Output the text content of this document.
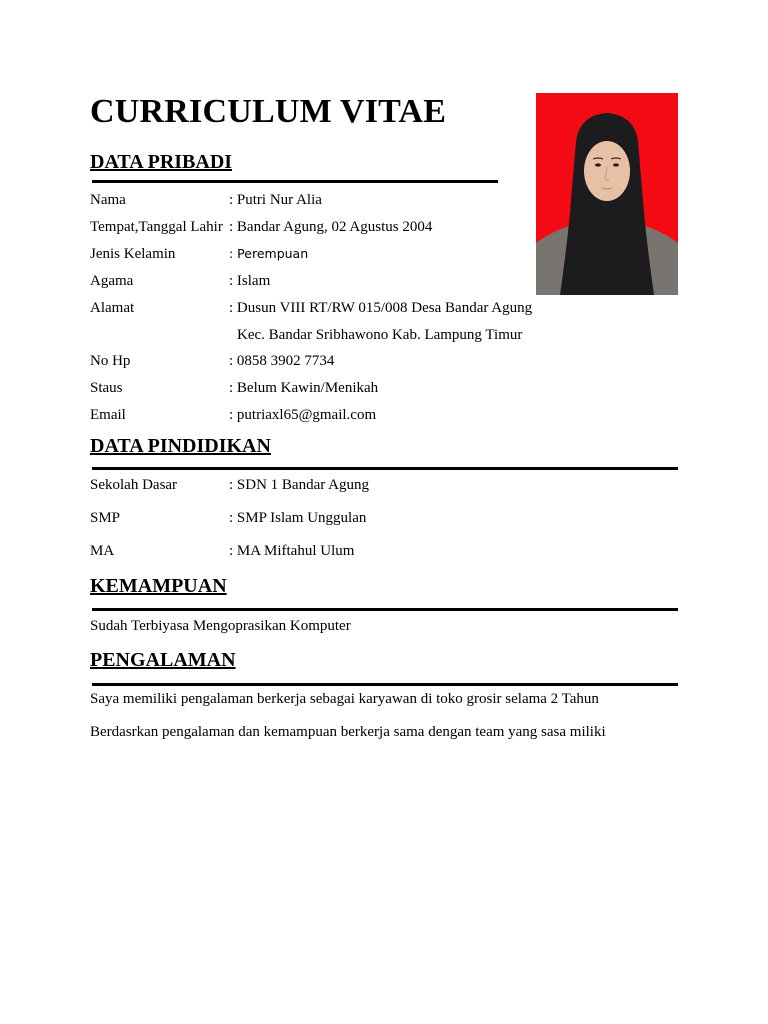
CURRICULUM VITAE
DATA PRIBADI
Nama	: Putri Nur Alia
Tempat,Tanggal Lahir : Bandar Agung, 02 Agustus 2004
Jenis Kelamin	: Perempuan
Agama	: Islam
Alamat	: Dusun VIII RT/RW 015/008 Desa Bandar Agung
Kec. Bandar Sribhawono Kab. Lampung Timur
No Hp	: 0858 3902 7734
Staus	: Belum Kawin/Menikah
Email	: putriaxl65@gmail.com
DATA PINDIDIKAN
Sekolah Dasar	: SDN 1 Bandar Agung
SMP	: SMP Islam Unggulan
MA	: MA Miftahul Ulum
KEMAMPUAN
Sudah Terbiyasa Mengoprasikan Komputer
PENGALAMAN
Saya memiliki pengalaman berkerja sebagai karyawan di toko grosir selama 2 Tahun
Berdasrkan pengalaman dan kemampuan berkerja sama dengan team yang sasa miliki
